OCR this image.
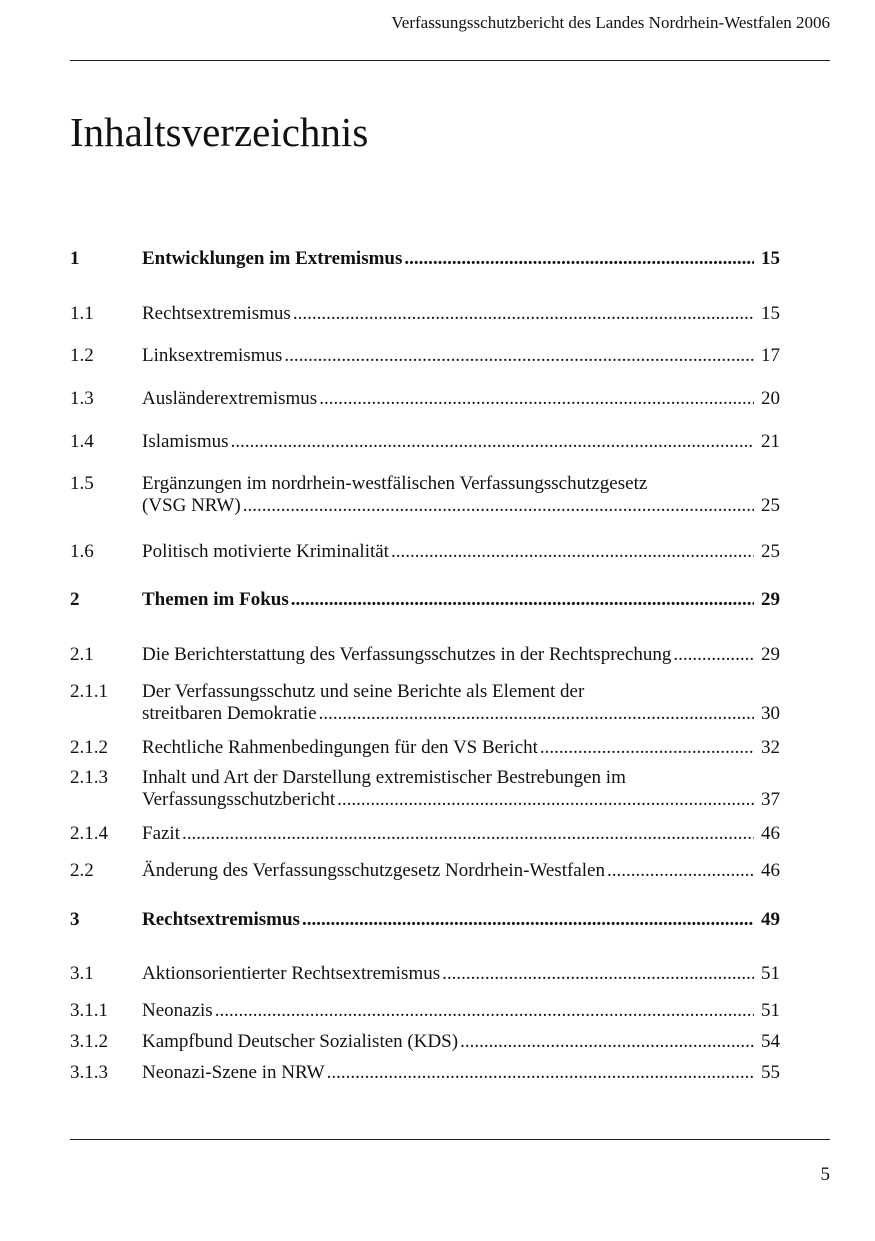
Verfassungsschutzbericht des Landes Nordrhein-Westfalen 2006
Inhaltsverzeichnis
1	Entwicklungen im Extremismus .....	15
1.1	Rechtsextremismus .....	15
1.2	Linksextremismus .....	17
1.3	Ausländerextremismus .....	20
1.4	Islamismus .....	21
1.5	Ergänzungen im nordrhein-westfälischen Verfassungsschutzgesetz
(VSG NRW) .....	25
1.6	Politisch motivierte Kriminalität .....	25
2	Themen im Fokus .....	29
2.1	Die Berichterstattung des Verfassungsschutzes in der Rechtsprechung .....	29
2.1.1 Der Verfassungsschutz und seine Berichte als Element der
streitbaren Demokratie .....	30
2.1.2 Rechtliche Rahmenbedingungen für den VS Bericht .....	32
2.1.3 Inhalt und Art der Darstellung extremistischer Bestrebungen im
Verfassungsschutzbericht .....	37
2.1.4 Fazit .....	46
2.2	Änderung des Verfassungsschutzgesetz Nordrhein-Westfalen .....	46
3	Rechtsextremismus .....	49
3.1	Aktionsorientierter Rechtsextremismus .....	51
3.1.1 Neonazis .....	51
3.1.2 Kampfbund Deutscher Sozialisten (KDS) .....	54
3.1.3 Neonazi-Szene in NRW .....	55
5
